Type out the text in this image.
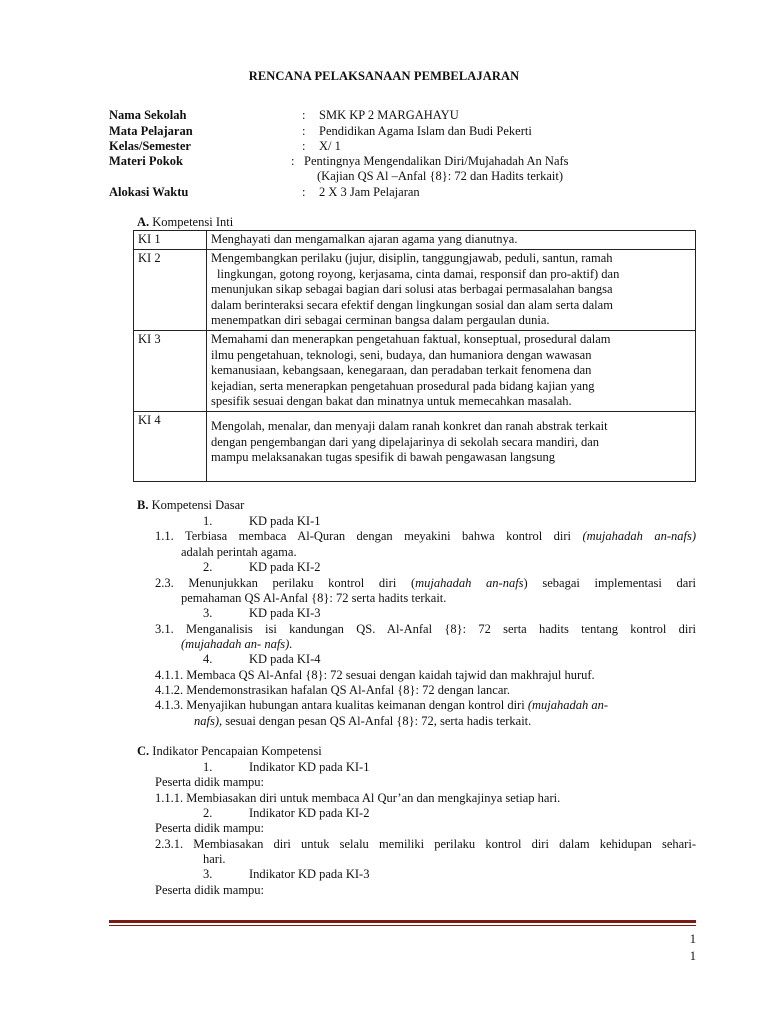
RENCANA PELAKSANAAN PEMBELAJARAN
Nama Sekolah	: SMK KP 2 MARGAHAYU
Mata Pelajaran	: Pendidikan Agama Islam dan Budi Pekerti
Kelas/Semester	: X/ 1
Materi Pokok	: Pentingnya Mengendalikan Diri/Mujahadah An Nafs
(Kajian QS Al –Anfal {8}: 72 dan Hadits terkait)
Alokasi Waktu	: 2 X 3 Jam Pelajaran
A. Kompetensi Inti
KI 1	Menghayati dan mengamalkan ajaran agama yang dianutnya.

KI 2	Mengembangkan perilaku (jujur, disiplin, tanggungjawab, peduli, santun, ramah
lingkungan, gotong royong, kerjasama, cinta damai, responsif dan pro-aktif) dan
menunjukan sikap sebagai bagian dari solusi atas berbagai permasalahan bangsa
dalam berinteraksi secara efektif dengan lingkungan sosial dan alam serta dalam
menempatkan diri sebagai cerminan bangsa dalam pergaulan dunia.

KI 3	Memahami dan menerapkan pengetahuan faktual, konseptual, prosedural dalam
ilmu pengetahuan, teknologi, seni, budaya, dan humaniora dengan wawasan
kemanusiaan, kebangsaan, kenegaraan, dan peradaban terkait fenomena dan
kejadian, serta menerapkan pengetahuan prosedural pada bidang kajian yang
spesifik sesuai dengan bakat dan minatnya untuk memecahkan masalah.

KI 4	Mengolah, menalar, dan menyaji dalam ranah konkret dan ranah abstrak terkait
dengan pengembangan dari yang dipelajarinya di sekolah secara mandiri, dan
mampu melaksanakan tugas spesifik di bawah pengawasan langsung
B. Kompetensi Dasar
1.	KD pada KI-1
1.1. Terbiasa membaca Al-Quran dengan meyakini bahwa kontrol diri (mujahadah an-nafs)
adalah perintah agama.
2.	KD pada KI-2
2.3. Menunjukkan perilaku kontrol diri (mujahadah an-nafs) sebagai implementasi dari
pemahaman QS Al-Anfal {8}: 72 serta hadits terkait.
3.	KD pada KI-3
3.1. Menganalisis isi kandungan QS. Al-Anfal {8}: 72 serta hadits tentang kontrol diri
(mujahadah an- nafs).
4.	KD pada KI-4
4.1.1. Membaca QS Al-Anfal {8}: 72 sesuai dengan kaidah tajwid dan makhrajul huruf.
4.1.2. Mendemonstrasikan hafalan QS Al-Anfal {8}: 72 dengan lancar.
4.1.3. Menyajikan hubungan antara kualitas keimanan dengan kontrol diri (mujahadah an-
nafs), sesuai dengan pesan QS Al-Anfal {8}: 72, serta hadis terkait.
C. Indikator Pencapaian Kompetensi
1.	Indikator KD pada KI-1
Peserta didik mampu:
1.1.1. Membiasakan diri untuk membaca Al Qur’an dan mengkajinya setiap hari.
2.	Indikator KD pada KI-2
Peserta didik mampu:
2.3.1. Membiasakan diri untuk selalu memiliki perilaku kontrol diri dalam kehidupan sehari-
hari.
3.	Indikator KD pada KI-3
Peserta didik mampu:
1
1
